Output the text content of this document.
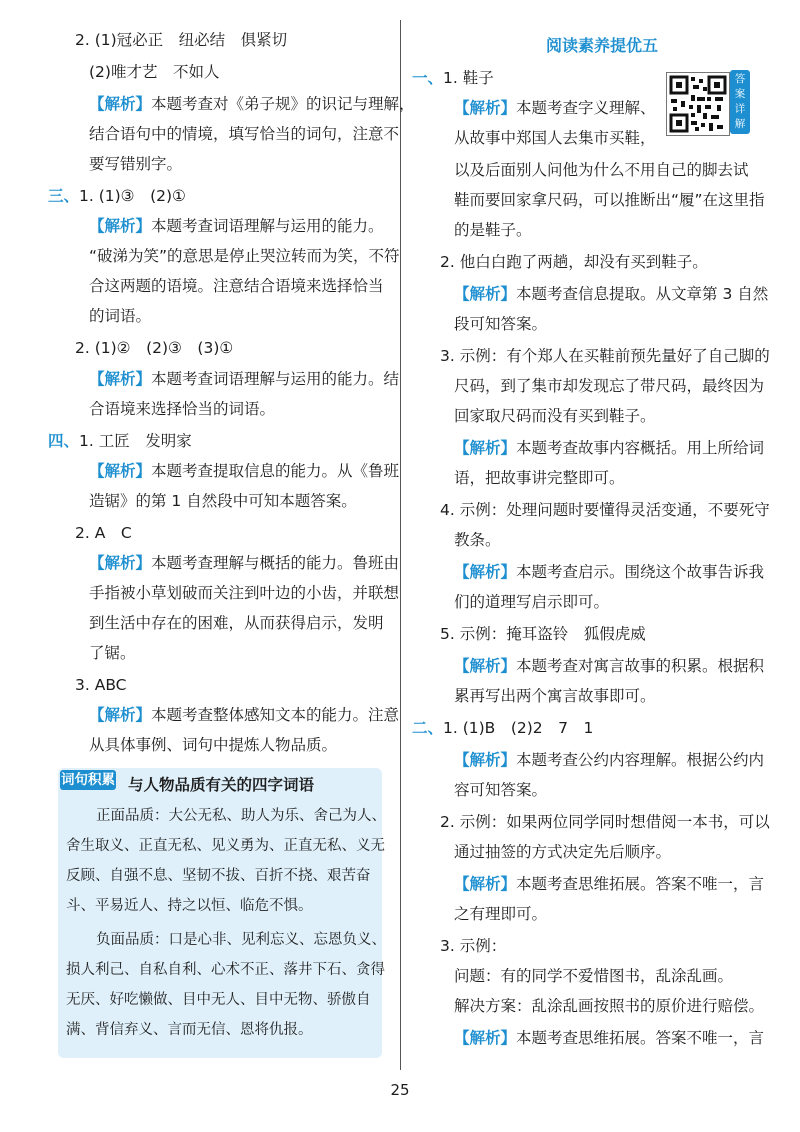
2. (1)冠必正　纽必结　俱紧切
(2)唯才艺　不如人
【解析】本题考查对《弟子规》的识记与理解，
结合语句中的情境，填写恰当的词句，注意不
要写错别字。
三、1. (1)③　(2)①
【解析】本题考查词语理解与运用的能力。
“破涕为笑”的意思是停止哭泣转而为笑，不符
合这两题的语境。注意结合语境来选择恰当
的词语。
2. (1)②　(2)③　(3)①
【解析】本题考查词语理解与运用的能力。结
合语境来选择恰当的词语。
四、1. 工匠　发明家
【解析】本题考查提取信息的能力。从《鲁班
造锯》的第 1 自然段中可知本题答案。
2. A　C
【解析】本题考查理解与概括的能力。鲁班由
手指被小草划破而关注到叶边的小齿，并联想
到生活中存在的困难，从而获得启示，发明
了锯。
3. ABC
【解析】本题考查整体感知文本的能力。注意
从具体事例、词句中提炼人物品质。
词句积累 与人物品质有关的四字词语
正面品质：大公无私、助人为乐、舍己为人、
舍生取义、正直无私、见义勇为、正直无私、义无
反顾、自强不息、坚韧不拔、百折不挠、艰苦奋
斗、平易近人、持之以恒、临危不惧。
负面品质：口是心非、见利忘义、忘恩负义、
损人利己、自私自利、心术不正、落井下石、贪得
无厌、好吃懒做、目中无人、目中无物、骄傲自
满、背信弃义、言而无信、恩将仇报。
阅读素养提优五
答
案
详
解
一、1. 鞋子
【解析】本题考查字义理解、
从故事中郑国人去集市买鞋，
以及后面别人问他为什么不用自己的脚去试
鞋而要回家拿尺码，可以推断出“履”在这里指
的是鞋子。
2. 他白白跑了两趟，却没有买到鞋子。
【解析】本题考查信息提取。从文章第 3 自然
段可知答案。
3. 示例：有个郑人在买鞋前预先量好了自己脚的
尺码，到了集市却发现忘了带尺码，最终因为
回家取尺码而没有买到鞋子。
【解析】本题考查故事内容概括。用上所给词
语，把故事讲完整即可。
4. 示例：处理问题时要懂得灵活变通，不要死守
教条。
【解析】本题考查启示。围绕这个故事告诉我
们的道理写启示即可。
5. 示例：掩耳盗铃　狐假虎威
【解析】本题考查对寓言故事的积累。根据积
累再写出两个寓言故事即可。
二、1. (1)B　(2)2　7　1
【解析】本题考查公约内容理解。根据公约内
容可知答案。
2. 示例：如果两位同学同时想借阅一本书，可以
通过抽签的方式决定先后顺序。
【解析】本题考查思维拓展。答案不唯一，言
之有理即可。
3. 示例：
问题：有的同学不爱惜图书，乱涂乱画。
解决方案：乱涂乱画按照书的原价进行赔偿。
【解析】本题考查思维拓展。答案不唯一，言
25
